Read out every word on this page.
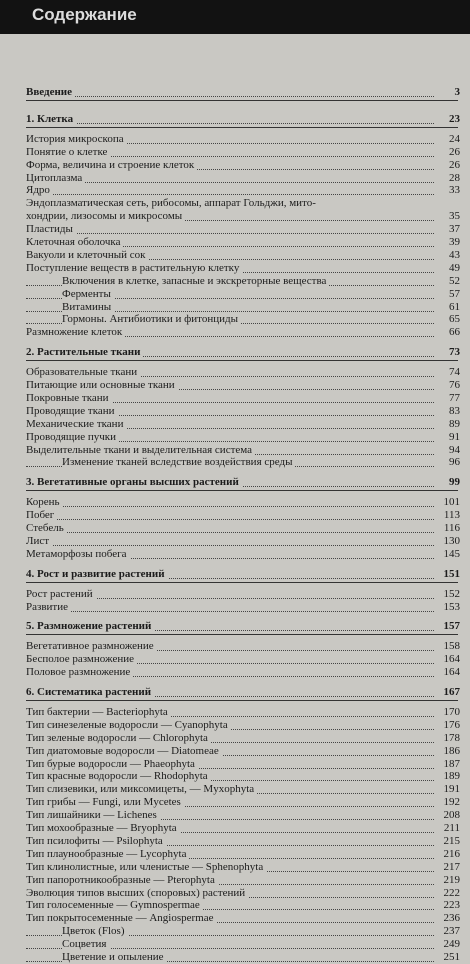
Содержание
Введение	3
1. Клетка	23
История микроскопа	24
Понятие о клетке	26
Форма, величина и строение клеток	26
Цитоплазма	28
Ядро	33
Эндоплазматическая сеть, рибосомы, аппарат Гольджи, мито-
хондрии, лизосомы и микросомы	35
Пластиды	37
Клеточная оболочка	39
Вакуоли и клеточный сок	43
Поступление веществ в растительную клетку	49
Включения в клетке, запасные и экскреторные вещества	52
Ферменты	57
Витамины	61
Гормоны. Антибиотики и фитонциды	65
Размножение клеток	66
2. Растительные ткани	73
Образовательные ткани	74
Питающие или основные ткани	76
Покровные ткани	77
Проводящие ткани	83
Механические ткани	89
Проводящие пучки	91
Выделительные ткани и выделительная система	94
Изменение тканей вследствие воздействия среды	96
3. Вегетативные органы высших растений	99
Корень	101
Побег	113
Стебель	116
Лист	130
Метаморфозы побега	145
4. Рост и развитие растений	151
Рост растений	152
Развитие	153
5. Размножение растений	157
Вегетативное размножение	158
Бесполое размножение	164
Половое размножение	164
6. Систематика растений	167
Тип бактерии — Bacteriophyta	170
Тип синезеленые водоросли — Cyanophyta	176
Тип зеленые водоросли — Chlorophyta	178
Тип диатомовые водоросли — Diatomeae	186
Тип бурые водоросли — Phaeophyta	187
Тип красные водоросли — Rhodophyta	189
Тип слизевики, или миксомицеты, — Myxophyta	191
Тип грибы — Fungi, или Mycetes	192
Тип лишайники — Lichenes	208
Тип мохообразные — Bryophyta	211
Тип псилофиты — Psilophyta	215
Тип плаунообразные — Lycophyta	216
Тип клинолистные, или членистые — Sphenophyta	217
Тип папоротникообразные — Pterophyta	219
Эволюция типов высших (споровых) растений	222
Тип голосеменные — Gymnospermae	223
Тип покрытосеменные — Angiospermae	236
Цветок (Flos)	237
Соцветия	249
Цветение и опыление	251
